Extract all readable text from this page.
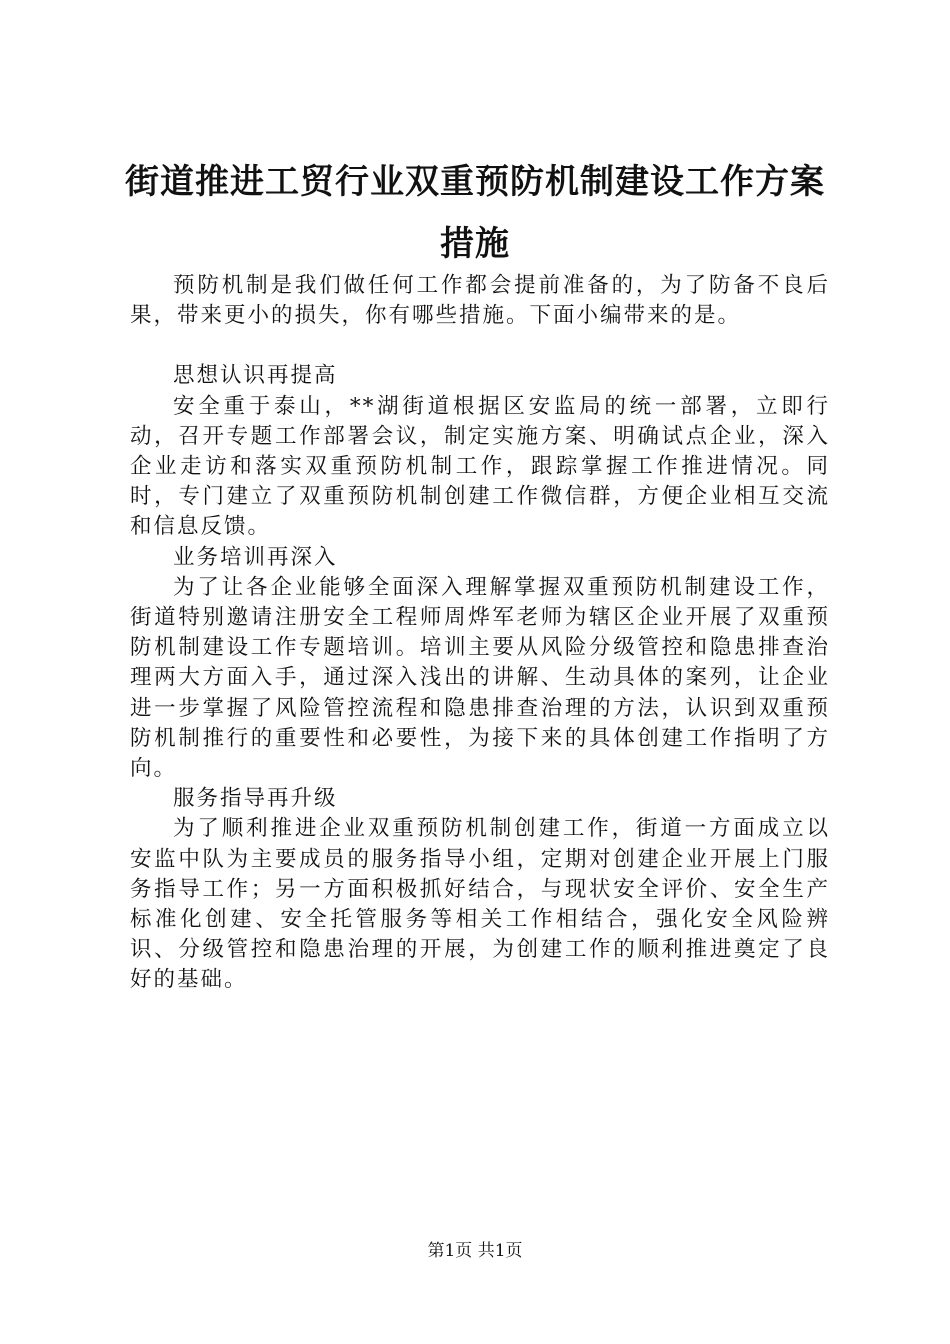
街道推进工贸行业双重预防机制建设工作方案
措施

预防机制是我们做任何工作都会提前准备的，为了防备不良后果，带来更小的损失，你有哪些措施。下面小编带来的是。

思想认识再提高

安全重于泰山，**湖街道根据区安监局的统一部署，立即行动，召开专题工作部署会议，制定实施方案、明确试点企业，深入企业走访和落实双重预防机制工作，跟踪掌握工作推进情况。同时，专门建立了双重预防机制创建工作微信群，方便企业相互交流和信息反馈。

业务培训再深入

为了让各企业能够全面深入理解掌握双重预防机制建设工作，街道特别邀请注册安全工程师周烨军老师为辖区企业开展了双重预防机制建设工作专题培训。培训主要从风险分级管控和隐患排查治理两大方面入手，通过深入浅出的讲解、生动具体的案列，让企业进一步掌握了风险管控流程和隐患排查治理的方法，认识到双重预防机制推行的重要性和必要性，为接下来的具体创建工作指明了方向。

服务指导再升级

为了顺利推进企业双重预防机制创建工作，街道一方面成立以安监中队为主要成员的服务指导小组，定期对创建企业开展上门服务指导工作；另一方面积极抓好结合，与现状安全评价、安全生产标准化创建、安全托管服务等相关工作相结合，强化安全风险辨识、分级管控和隐患治理的开展，为创建工作的顺利推进奠定了良好的基础。

第1页 共1页
